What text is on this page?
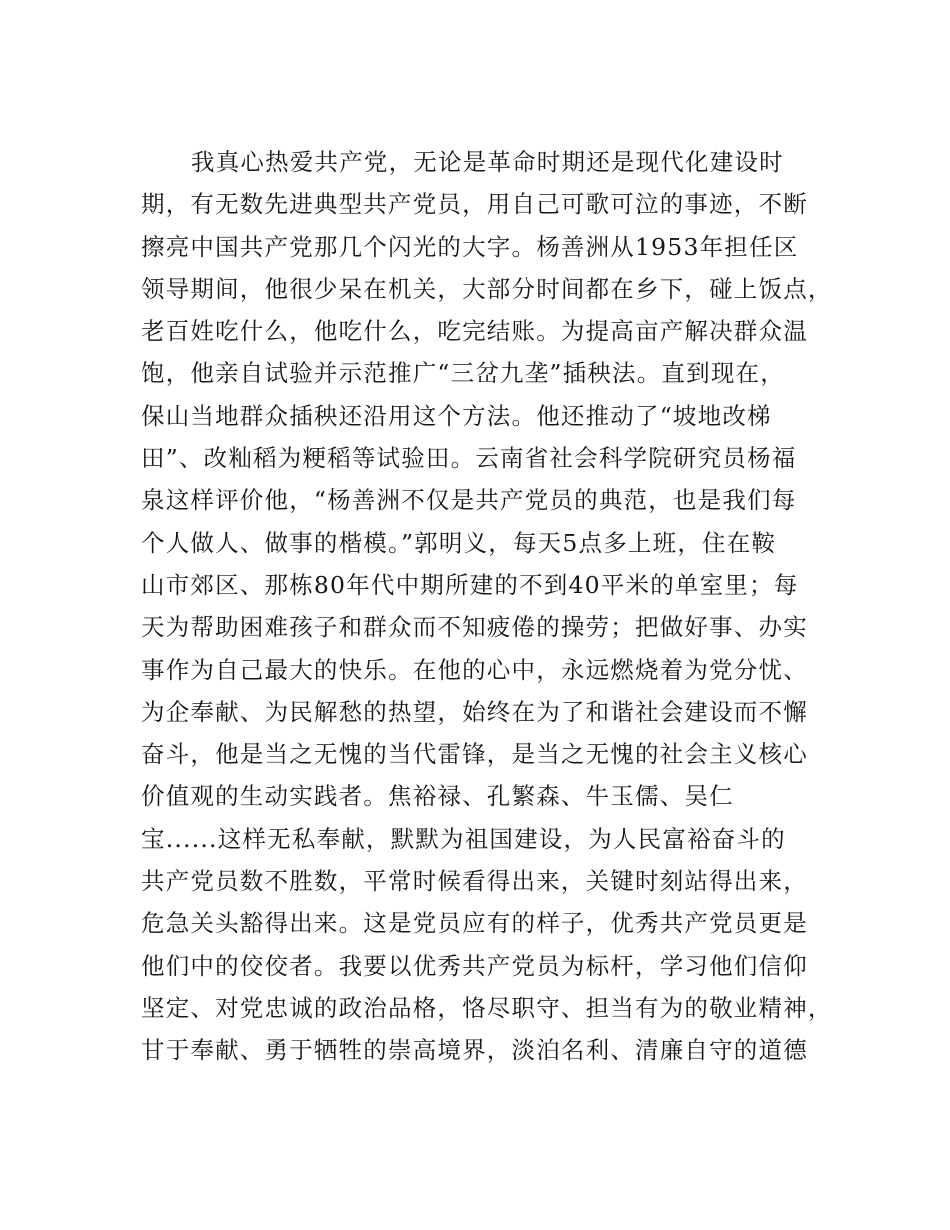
我真心热爱共产党，无论是革命时期还是现代化建设时
期，有无数先进典型共产党员，用自己可歌可泣的事迹，不断
擦亮中国共产党那几个闪光的大字。杨善洲从1953年担任区
领导期间，他很少呆在机关，大部分时间都在乡下，碰上饭点，
老百姓吃什么，他吃什么，吃完结账。为提高亩产解决群众温
饱，他亲自试验并示范推广“三岔九垄”插秧法。直到现在，
保山当地群众插秧还沿用这个方法。他还推动了“坡地改梯
田”、改籼稻为粳稻等试验田。云南省社会科学院研究员杨福
泉这样评价他，“杨善洲不仅是共产党员的典范，也是我们每
个人做人、做事的楷模。”郭明义，每天5点多上班，住在鞍
山市郊区、那栋80年代中期所建的不到40平米的单室里；每
天为帮助困难孩子和群众而不知疲倦的操劳；把做好事、办实
事作为自己最大的快乐。在他的心中，永远燃烧着为党分忧、
为企奉献、为民解愁的热望，始终在为了和谐社会建设而不懈
奋斗，他是当之无愧的当代雷锋，是当之无愧的社会主义核心
价值观的生动实践者。焦裕禄、孔繁森、牛玉儒、吴仁
宝......这样无私奉献，默默为祖国建设，为人民富裕奋斗的
共产党员数不胜数，平常时候看得出来，关键时刻站得出来，
危急关头豁得出来。这是党员应有的样子，优秀共产党员更是
他们中的佼佼者。我要以优秀共产党员为标杆，学习他们信仰
坚定、对党忠诚的政治品格，恪尽职守、担当有为的敬业精神，
甘于奉献、勇于牺牲的崇高境界，淡泊名利、清廉自守的道德
